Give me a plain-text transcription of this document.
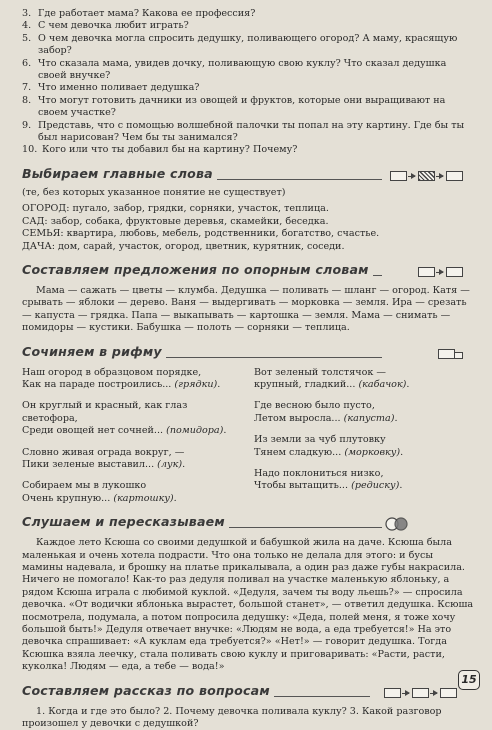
3. Где работает мама? Какова ее профессия?
4. С чем девочка любит играть?
5. О чем девочка могла спросить дедушку, поливающего огород? А маму, красящую забор?
6. Что сказала мама, увидев дочку, поливающую свою куклу? Что сказал дедушка своей внучке?
7. Что именно поливает дедушка?
8. Что могут готовить дачники из овощей и фруктов, которые они выращивают на своем участке?
9. Представь, что с помощью волшебной палочки ты попал на эту картину. Где бы ты был нарисован? Чем бы ты занимался?
10. Кого или что ты добавил бы на картину? Почему?
Выбираем главные слова
(те, без которых указанное понятие не существует)
ОГОРОД: пугало, забор, грядки, сорняки, участок, теплица.
САД: забор, собака, фруктовые деревья, скамейки, беседка.
СЕМЬЯ: квартира, любовь, мебель, родственники, богатство, счастье.
ДАЧА: дом, сарай, участок, огород, цветник, курятник, соседи.
Составляем предложения по опорным словам
Мама — сажать — цветы — клумба. Дедушка — поливать — шланг — огород. Катя — срывать — яблоки — дерево. Ваня — выдергивать — морковка — земля. Ира — срезать — капуста — грядка. Папа — выкапывать — картошка — земля. Мама — снимать — помидоры — кустики. Бабушка — полоть — сорняки — теплица.
Сочиняем в рифму
Наш огород в образцовом порядке,
Как на параде построились... (грядки).
Он круглый и красный, как глаз светофора,
Среди овощей нет сочней... (помидора).
Словно живая ограда вокруг, —
Пики зеленые выставил... (лук).
Собираем мы в лукошко
Очень крупную... (картошку).
Вот зеленый толстячок —
крупный, гладкий... (кабачок).
Где весною было пусто,
Летом выросла... (капуста).
Из земли за чуб плутовку
Тянем сладкую... (морковку).
Надо поклониться низко,
Чтобы вытащить... (редиску).
Слушаем и пересказываем
Каждое лето Ксюша со своими дедушкой и бабушкой жила на даче. Ксюша была маленькая и очень хотела подрасти. Что она только не делала для этого: и бусы мамины надевала, и брошку на платье прикалывала, а один раз даже губы накрасила. Ничего не помогало! Как-то раз дедуля поливал на участке маленькую яблоньку, а рядом Ксюша играла с любимой куклой. «Дедуля, зачем ты воду льешь?» — спросила девочка. «От водички яблонька вырастет, большой станет», — ответил дедушка. Ксюша посмотрела, подумала, а потом попросила дедушку: «Деда, полей меня, я тоже хочу большой быть!» Дедуля отвечает внучке: «Людям не вода, а еда требуется!» На это девочка спрашивает: «А куклам еда требуется?» «Нет!» — говорит дедушка. Тогда Ксюшка взяла леечку, стала поливать свою куклу и приговаривать: «Расти, расти, куколка! Людям — еда, а тебе — вода!»
Составляем рассказ по вопросам
1. Когда и где это было? 2. Почему девочка поливала куклу? 3. Какой разговор произошел у девочки с дедушкой?
15
